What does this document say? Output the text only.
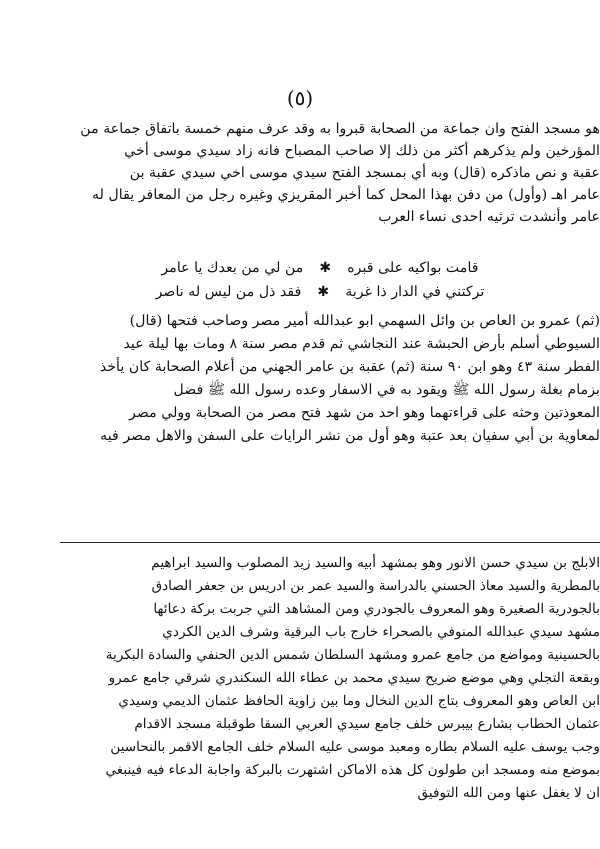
(٥)
هو مسجد الفتح وان جماعة من الصحابة قبروا به وقد عرف منهم خمسة باتفاق جماعة من
المؤرخين ولم يذكرهم أكثر من ذلك إلا صاحب المصباح فانه زاد سيدي موسى أخي
عقبة و نص ماذكره (قال) وبه أي بمسجد الفتح سيدي موسى اخي سيدي عقبة بن
عامر اهـ (وأول) من دفن بهذا المحل كما أخبر المقريزي وغيره رجل من المعافر يقال له
عامر وأنشدت ترثيه احدى نساء العرب
قامت بواكيه على قبره
✱
من لي من بعدك يا عامر
تركتني في الدار ذا غربة
✱
فقد ذل من ليس له ناصر
(ثم) عمرو بن العاص بن وائل السهمي ابو عبدالله أمير مصر وصاحب فتحها (قال)
السيوطي أسلم بأرض الحبشة عند النجاشي ثم قدم مصر سنة ٨ ومات بها ليلة عيد
الفطر سنة ٤٣ وهو ابن ٩٠ سنة (ثم) عقبة بن عامر الجهني من أعلام الصحابة كان يأخذ
بزمام بغلة رسول الله ﷺ ويقود به في الاسفار وعده رسول الله ﷺ فضل
المعوذتين وحثه على قراءتهما وهو احد من شهد فتح مصر من الصحابة وولي مصر
لمعاوية بن أبي سفيان بعد عتبة وهو أول من نشر الرايات على السفن والاهل مصر فيه
الابلج بن سيدي حسن الانور وهو بمشهد أبيه والسيد زيد المصلوب والسيد ابراهيم
بالمطرية والسيد معاذ الحسني بالدراسة والسيد عمر بن ادريس بن جعفر الصادق
بالجودرية الصغيرة وهو المعروف بالجودري ومن المشاهد التي جربت بركة دعائها
مشهد سيدي عبدالله المنوفي بالصحراء خارج باب البرقية وشرف الدين الكردي
بالحسينية ومواضع من جامع عمرو ومشهد السلطان شمس الدين الحنفي والسادة البكرية
وبقعة التجلي وهي موضع ضريح سيدي محمد بن عطاء الله السكندري شرقي جامع عمرو
ابن العاص وهو المعروف بتاج الدين النخال وما بين زاوية الحافظ عثمان الديمي وسيدي
عثمان الحطاب بشارع بيبرس خلف جامع سيدي العربي السقا طوقبلة مسجد الاقدام
وجب يوسف عليه السلام بطاره ومعبد موسى عليه السلام خلف الجامع الاقمر بالنحاسين
بموضع منه ومسجد ابن طولون كل هذه الاماكن اشتهرت بالبركة واجابة الدعاء فيه فينبغي
ان لا يغفل عنها ومن الله التوفيق
